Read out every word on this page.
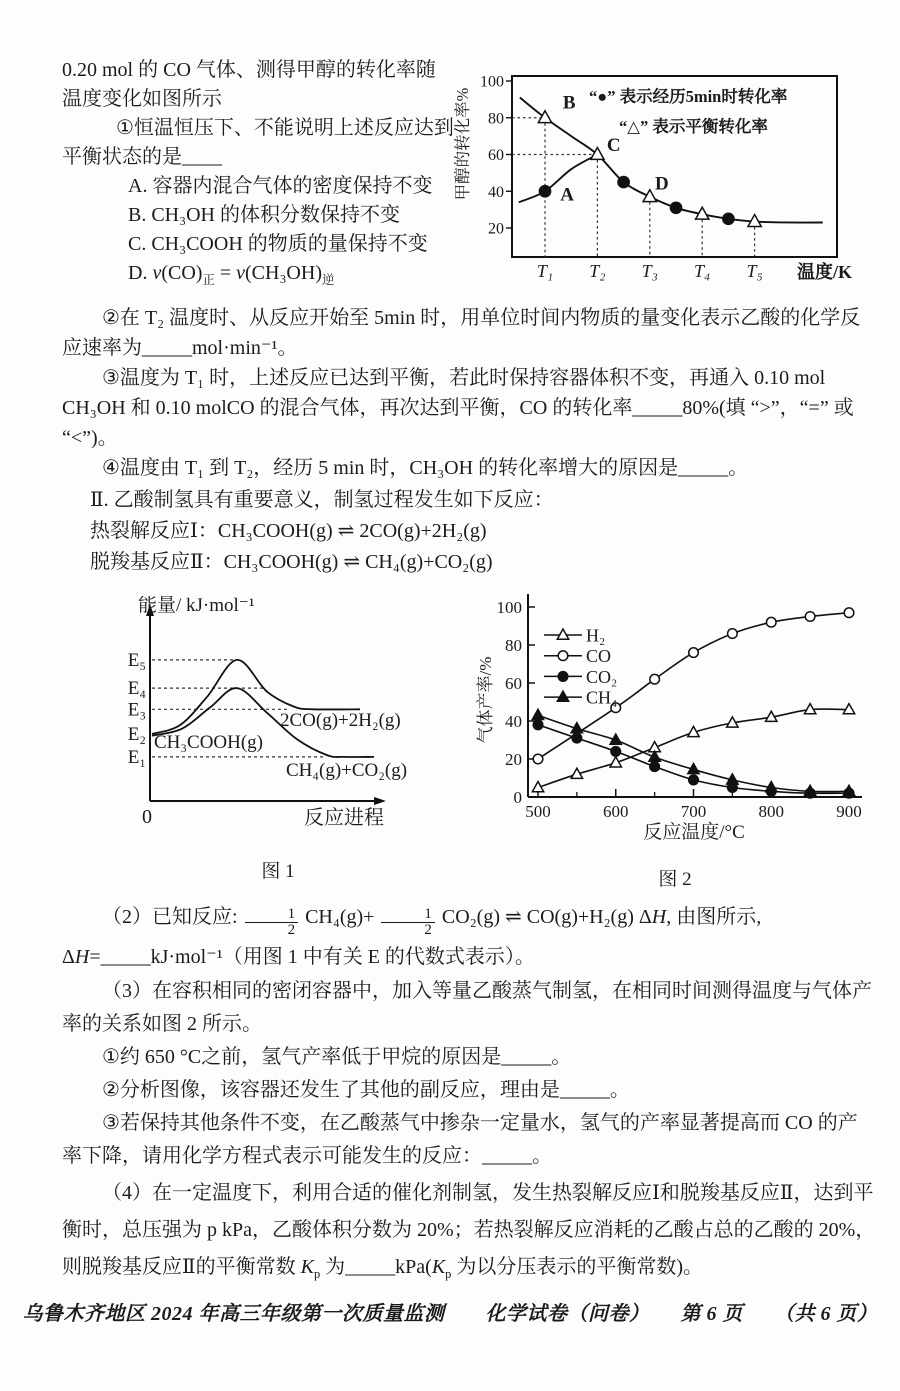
0.20 mol 的 CO 气体、测得甲醇的转化率随

温度变化如图所示

①恒温恒压下、不能说明上述反应达到

平衡状态的是____

A. 容器内混合气体的密度保持不变

B. CH₃OH 的体积分数保持不变

C. CH₃COOH 的物质的量保持不变

D. $v(CO)_正 = v(CH_3OH)_逆$

100
80
60
40
20
甲醇的转化率%	A
B
C
D
“●” 表示经历5min时转化率
“△” 表示平衡转化率
T₁ T₂ T₃ T₄ T₅ 温度/K

②在 T₂ 温度时、从反应开始至 5min 时，用单位时间内物质的量变化表示乙酸的化学反应速率为_____mol·min⁻¹。

③温度为 T₁ 时，上述反应已达到平衡，若此时保持容器体积不变，再通入 0.10 mol CH₃OH 和 0.10 molCO 的混合气体，再次达到平衡，CO 的转化率_____80%(填 “>”，“=” 或 “<”)。

④温度由 T₁ 到 T₂，经历 5 min 时，CH₃OH 的转化率增大的原因是_____。

Ⅱ. 乙酸制氢具有重要意义，制氢过程发生如下反应：

热裂解反应Ⅰ：CH₃COOH(g) ⇌ 2CO(g)+2H₂(g)

脱羧基反应Ⅱ：CH₃COOH(g) ⇌ CH₄(g)+CO₂(g)

能量/ kJ·mol⁻¹
0	反应进程
E₅
E₄
E₃
E₂
E₁
CH₃COOH(g)
2CO(g)+2H₂(g)
CH₄(g)+CO₂(g)
图 1
0
20
40
60
80
100
500	600	700	800	900
气体产率/%
反应温度/°C
H₂
CO
CO₂
CH₄
图 2

（2）已知反应: $\frac{1}{2} CH_4(g)+ \frac{1}{2} CO_2(g)$ ⇌ CO(g)+H₂(g) ΔH, 由图所示, ΔH=_____kJ·mol⁻¹（用图 1 中有关 E 的代数式表示）。

（3）在容积相同的密闭容器中，加入等量乙酸蒸气制氢，在相同时间测得温度与气体产率的关系如图 2 所示。

①约 650 °C之前，氢气产率低于甲烷的原因是_____。

②分析图像，该容器还发生了其他的副反应，理由是_____。

③若保持其他条件不变，在乙酸蒸气中掺杂一定量水，氢气的产率显著提高而 CO 的产率下降，请用化学方程式表示可能发生的反应：_____。

（4）在一定温度下，利用合适的催化剂制氢，发生热裂解反应Ⅰ和脱羧基反应Ⅱ，达到平衡时，总压强为 p kPa，乙酸体积分数为 20%；若热裂解反应消耗的乙酸占总的乙酸的 20%，则脱羧基反应Ⅱ的平衡常数 $K_p$ 为$\_\_\_\_\_kPa(K_p$ 为以分压表示的平衡常数)。

乌鲁木齐地区 2024 年高三年级第一次质量监测　　化学试卷（问卷）　　第 6 页　　（共 6 页）
